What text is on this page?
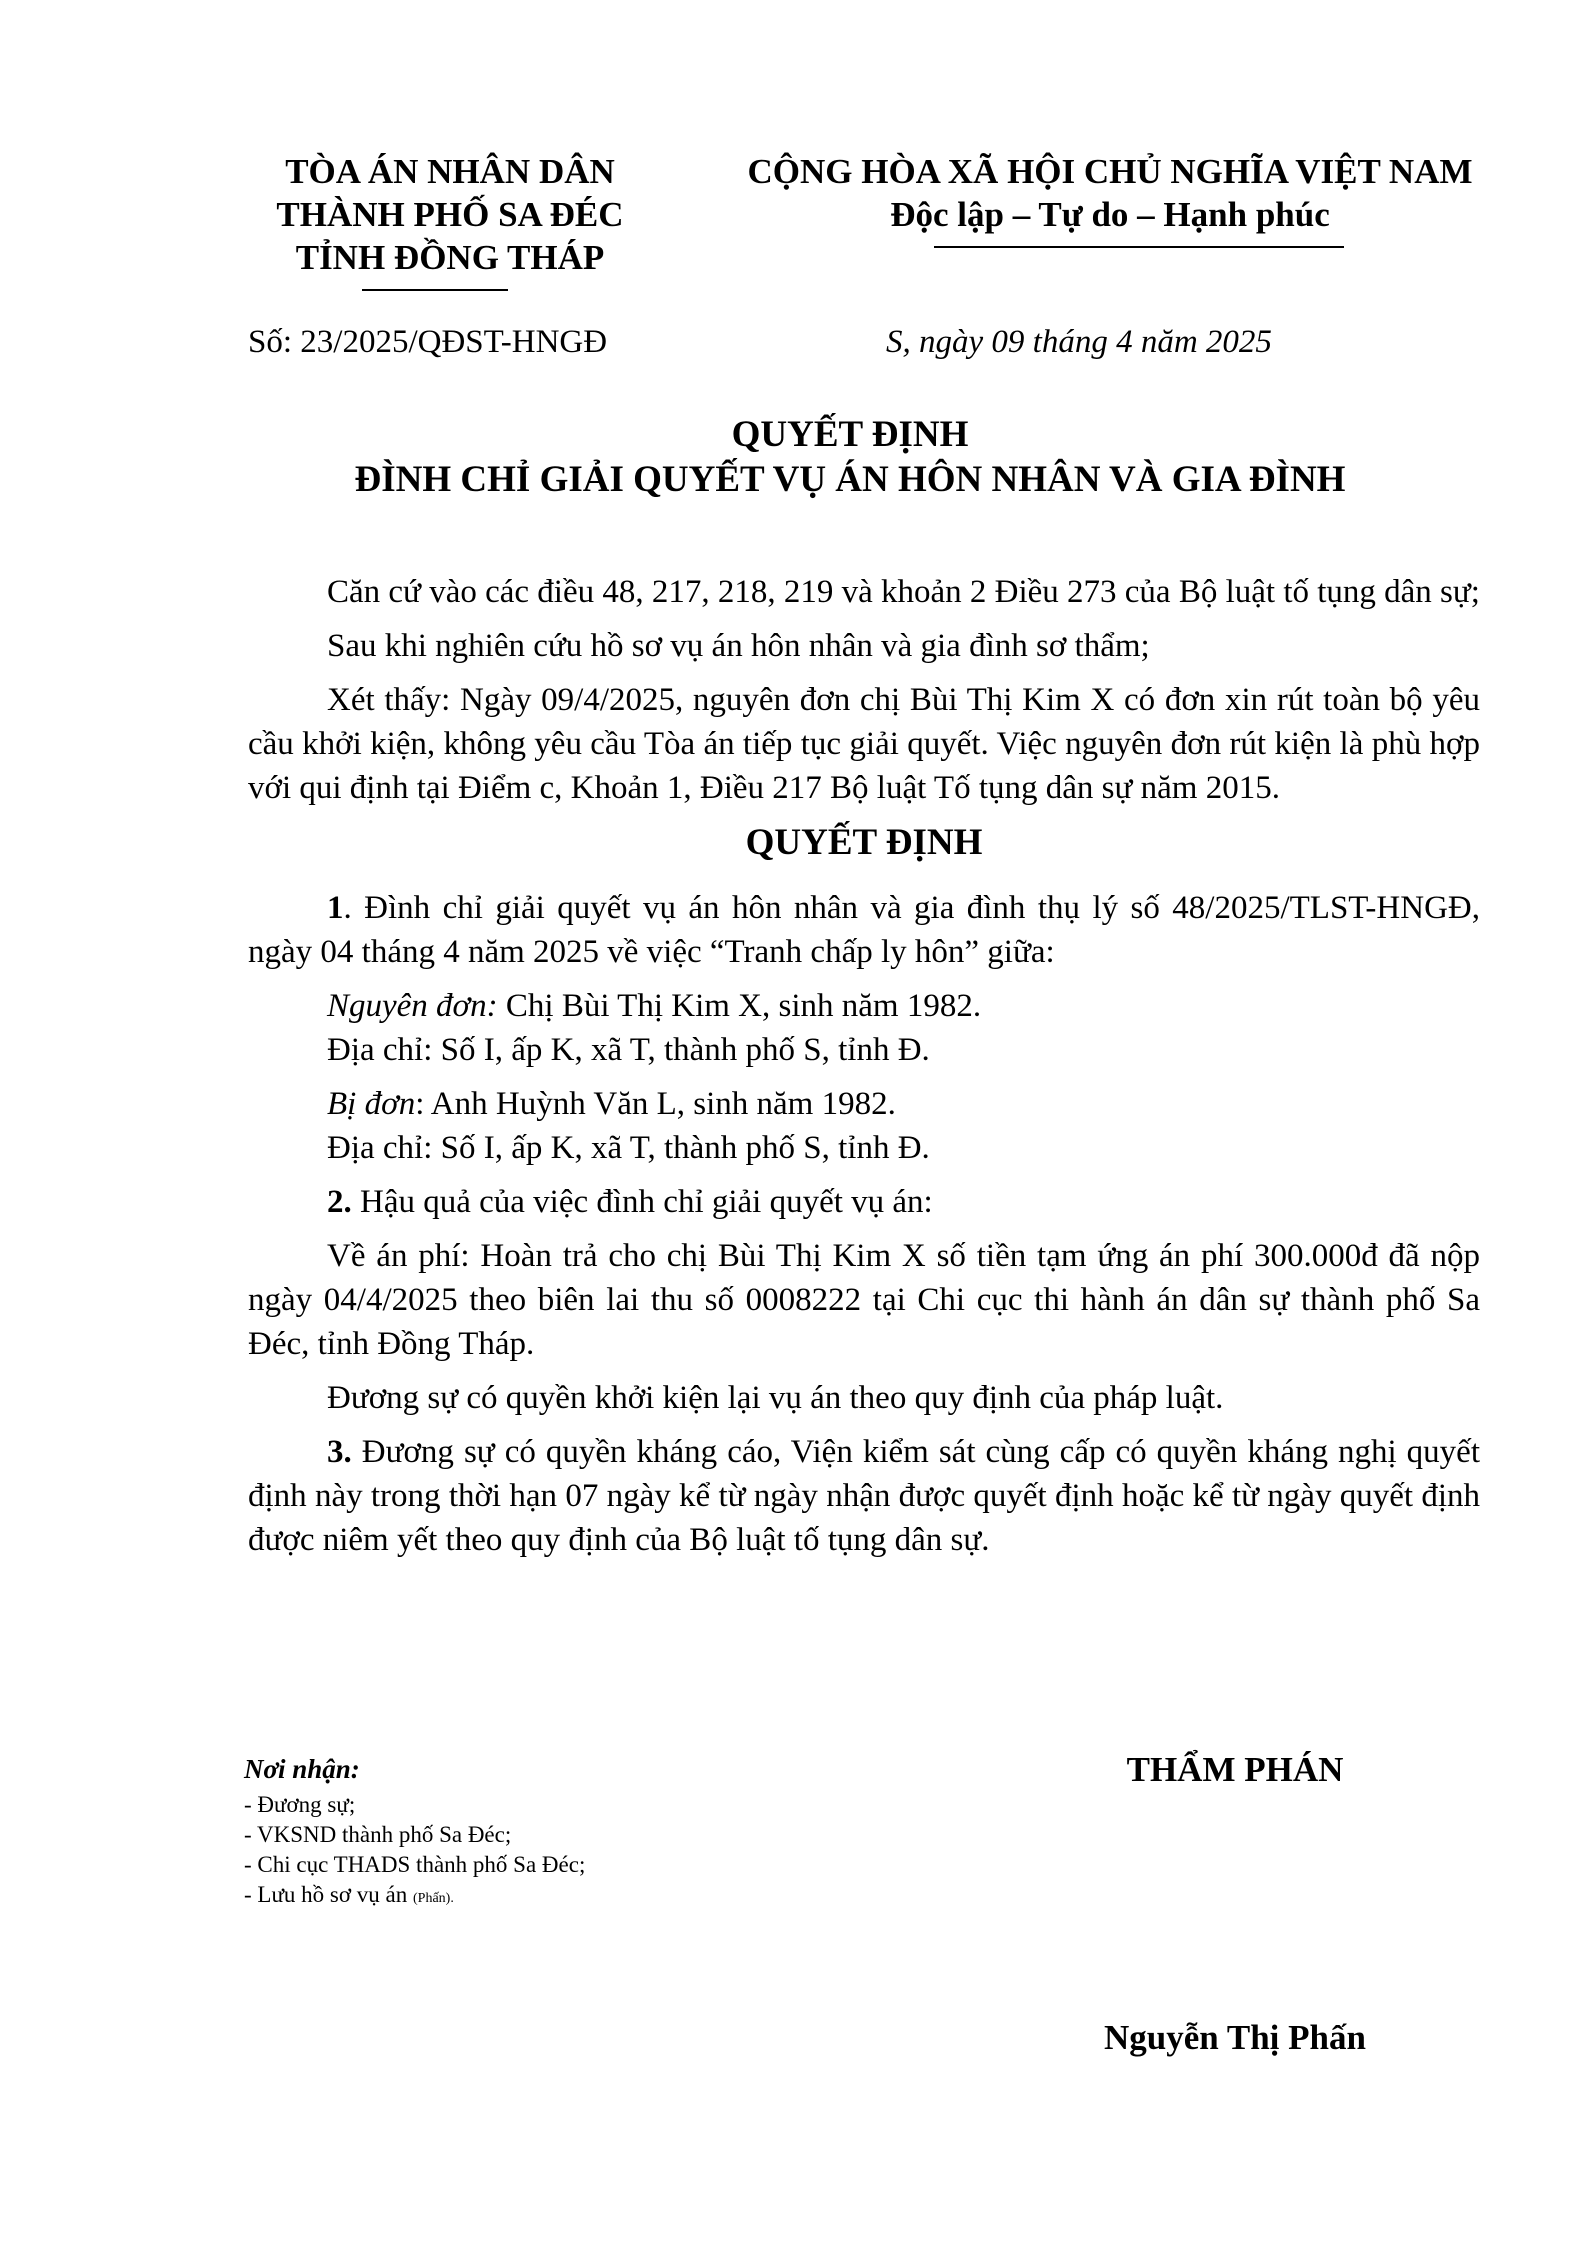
TÒA ÁN NHÂN DÂN
THÀNH PHỐ SA ĐÉC
TỈNH ĐỒNG THÁP
CỘNG HÒA XÃ HỘI CHỦ NGHĨA VIỆT NAM
Độc lập – Tự do – Hạnh phúc
Số: 23/2025/QĐST-HNGĐ	S, ngày 09 tháng 4 năm 2025
QUYẾT ĐỊNH
ĐÌNH CHỈ GIẢI QUYẾT VỤ ÁN HÔN NHÂN VÀ GIA ĐÌNH

Căn cứ vào các điều 48, 217, 218, 219 và khoản 2 Điều 273 của Bộ luật tố tụng dân sự;

Sau khi nghiên cứu hồ sơ vụ án hôn nhân và gia đình sơ thẩm;

Xét thấy: Ngày 09/4/2025, nguyên đơn chị Bùi Thị Kim X có đơn xin rút toàn bộ yêu cầu khởi kiện, không yêu cầu Tòa án tiếp tục giải quyết. Việc nguyên đơn rút kiện là phù hợp với qui định tại Điểm c, Khoản 1, Điều 217 Bộ luật Tố tụng dân sự năm 2015.

QUYẾT ĐỊNH

1. Đình chỉ giải quyết vụ án hôn nhân và gia đình thụ lý số 48/2025/TLST-HNGĐ, ngày 04 tháng 4 năm 2025 về việc “Tranh chấp ly hôn” giữa:

Nguyên đơn: Chị Bùi Thị Kim X, sinh năm 1982.

Địa chỉ: Số I, ấp K, xã T, thành phố S, tỉnh Đ.

Bị đơn: Anh Huỳnh Văn L, sinh năm 1982.

Địa chỉ: Số I, ấp K, xã T, thành phố S, tỉnh Đ.

2. Hậu quả của việc đình chỉ giải quyết vụ án:

Về án phí: Hoàn trả cho chị Bùi Thị Kim X số tiền tạm ứng án phí 300.000đ đã nộp ngày 04/4/2025 theo biên lai thu số 0008222 tại Chi cục thi hành án dân sự thành phố Sa Đéc, tỉnh Đồng Tháp.

Đương sự có quyền khởi kiện lại vụ án theo quy định của pháp luật.

3. Đương sự có quyền kháng cáo, Viện kiểm sát cùng cấp có quyền kháng nghị quyết định này trong thời hạn 07 ngày kể từ ngày nhận được quyết định hoặc kể từ ngày quyết định được niêm yết theo quy định của Bộ luật tố tụng dân sự.

Nơi nhận:
- Đương sự;
- VKSND thành phố Sa Đéc;
- Chi cục THADS thành phố Sa Đéc;
- Lưu hồ sơ vụ án (Phấn).
THẨM PHÁN
Nguyễn Thị Phấn
